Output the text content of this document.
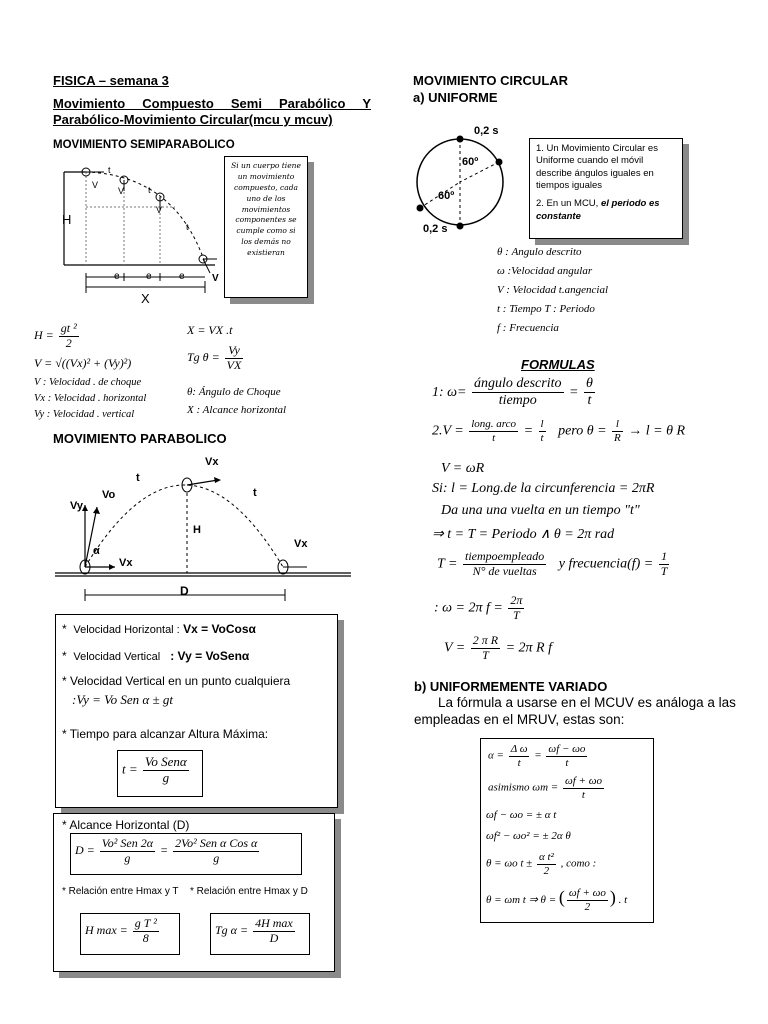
FISICA – semana 3
Movimiento Compuesto Semi Parabólico Y
Parabólico-Movimiento Circular(mcu y mcuv)
MOVIMIENTO SEMIPARABOLICO
t
t
t
V
V
V
V
H
e	e	e
X
Si un cuerpo tiene un movimiento compuesto, cada uno de los movimientos componentes se cumple como si los demás no existieran
$H = \frac{\text{gt ²}}{2}$
V = √((Vx)² + (Vy)²)
V : Velocidad . de choque
Vx : Velocidad . horizontal
Vy : Velocidad . vertical
X = VX .t
Tg $\theta = \frac{Vy}{VX}$
θ: Ángulo de Choque
X : Alcance horizontal
MOVIMIENTO PARABOLICO
Vx
t
t
Vo
Vy
H
α
Vx
Vx
D
*  Velocidad Horizontal : Vx = VoCosα
*  Velocidad Vertical : Vy = VoSenα
* Velocidad Vertical en un punto cualquiera
:Vy = Vo Sen α ± gt
* Tiempo para alcanzar Altura Máxima:
$t = \frac{\text{Vo Senα}}{g}$
* Alcance Horizontal (D)
$D = \frac{\text{Vo² Sen 2α}}{g} = \frac{\text{2Vo² Sen α Cos α}}{g}$
* Relación entre Hmax y T * Relación entre Hmax y D
H $\max = \frac{\text{g T ²}}{8}$	Tg $\alpha = \frac{\text{4H max}}{D}$
MOVIMIENTO CIRCULAR
a) UNIFORME
0,2 s
0,2 s
60º
60º
1. Un Movimiento Circular es Uniforme cuando el móvil describe ángulos iguales en tiempos iguales
2. En un MCU, el periodo es constante
θ : Angulo descrito
ω :Velocidad angular
V : Velocidad t.angencial
t : Tiempo T : Periodo
f : Frecuencia
FORMULAS
1: $\omega= \frac{\text{ángulo descrito}}{\text{tiempo}} = \frac{\theta}{t}$
$2.V = \frac{\text{long. arco}}{t} = \frac{l}{t}$ pero $\theta = \frac{l}{R} \to l = \theta$ R
V = ωR
Si: l = Long.de la circunferencia = 2πR
Da una una vuelta en un tiempo "t"
⇒ t = T = Periodo ∧ θ = 2π rad
$T = \frac{\text{tiempoempleado}}{\text{N° de vueltas}}$ y frecuencia(f) = $\frac{1}{T}$
: ω = 2π $f = \frac{2\pi}{T}$
$V = \frac{\text{2 π R}}{T} = 2\pi$ R f
b) UNIFORMEMENTE VARIADO
La fórmula a usarse en el MCUV es análoga a las empleadas en el MRUV, estas son:
$\alpha = \frac{\text{Δ ω}}{t} = \frac{\omega f - \omega o}{t}$
asimismo $\omega m = \frac{\omega f + \omega o}{t}$
ωf − ωo = ± α t
ωf² − ωo² = ± 2α θ
θ = ωo $t \pm \frac{\text{α t²}}{2}$ , como :
θ = ωm t ⇒ θ = ( $\frac{\omega f + \omega o}{2}$ ) . t
